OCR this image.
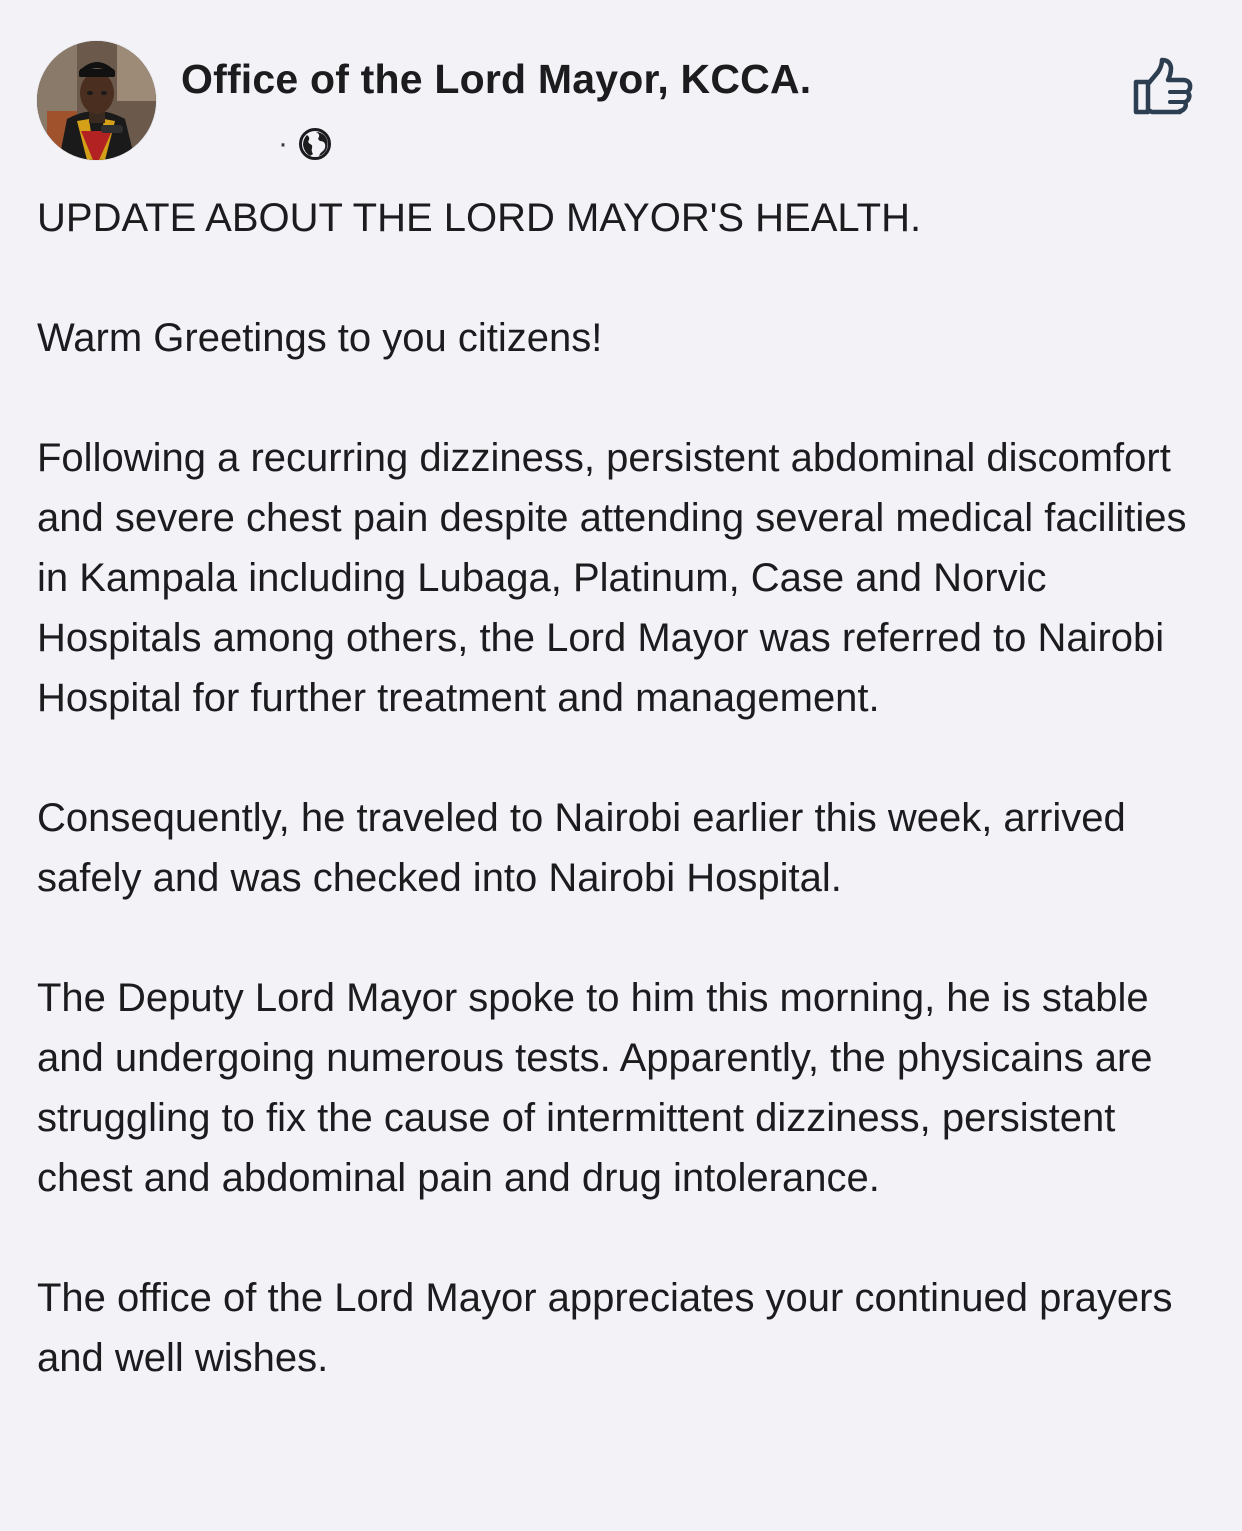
Office of the Lord Mayor, KCCA.
·

UPDATE ABOUT THE LORD MAYOR'S HEALTH.

Warm Greetings to you citizens!

Following a recurring dizziness, persistent abdominal discomfort and severe chest pain despite attending several medical facilities in Kampala including Lubaga, Platinum, Case and Norvic Hospitals among others, the Lord Mayor was referred to Nairobi Hospital for further treatment and management.

Consequently, he traveled to Nairobi earlier this week, arrived safely and was checked into Nairobi Hospital.

The Deputy Lord Mayor spoke to him this morning, he is stable and undergoing numerous tests. Apparently, the physicains are struggling to fix the cause of intermittent dizziness, persistent chest and abdominal pain and drug intolerance.

The office of the Lord Mayor appreciates your continued prayers and well wishes.
